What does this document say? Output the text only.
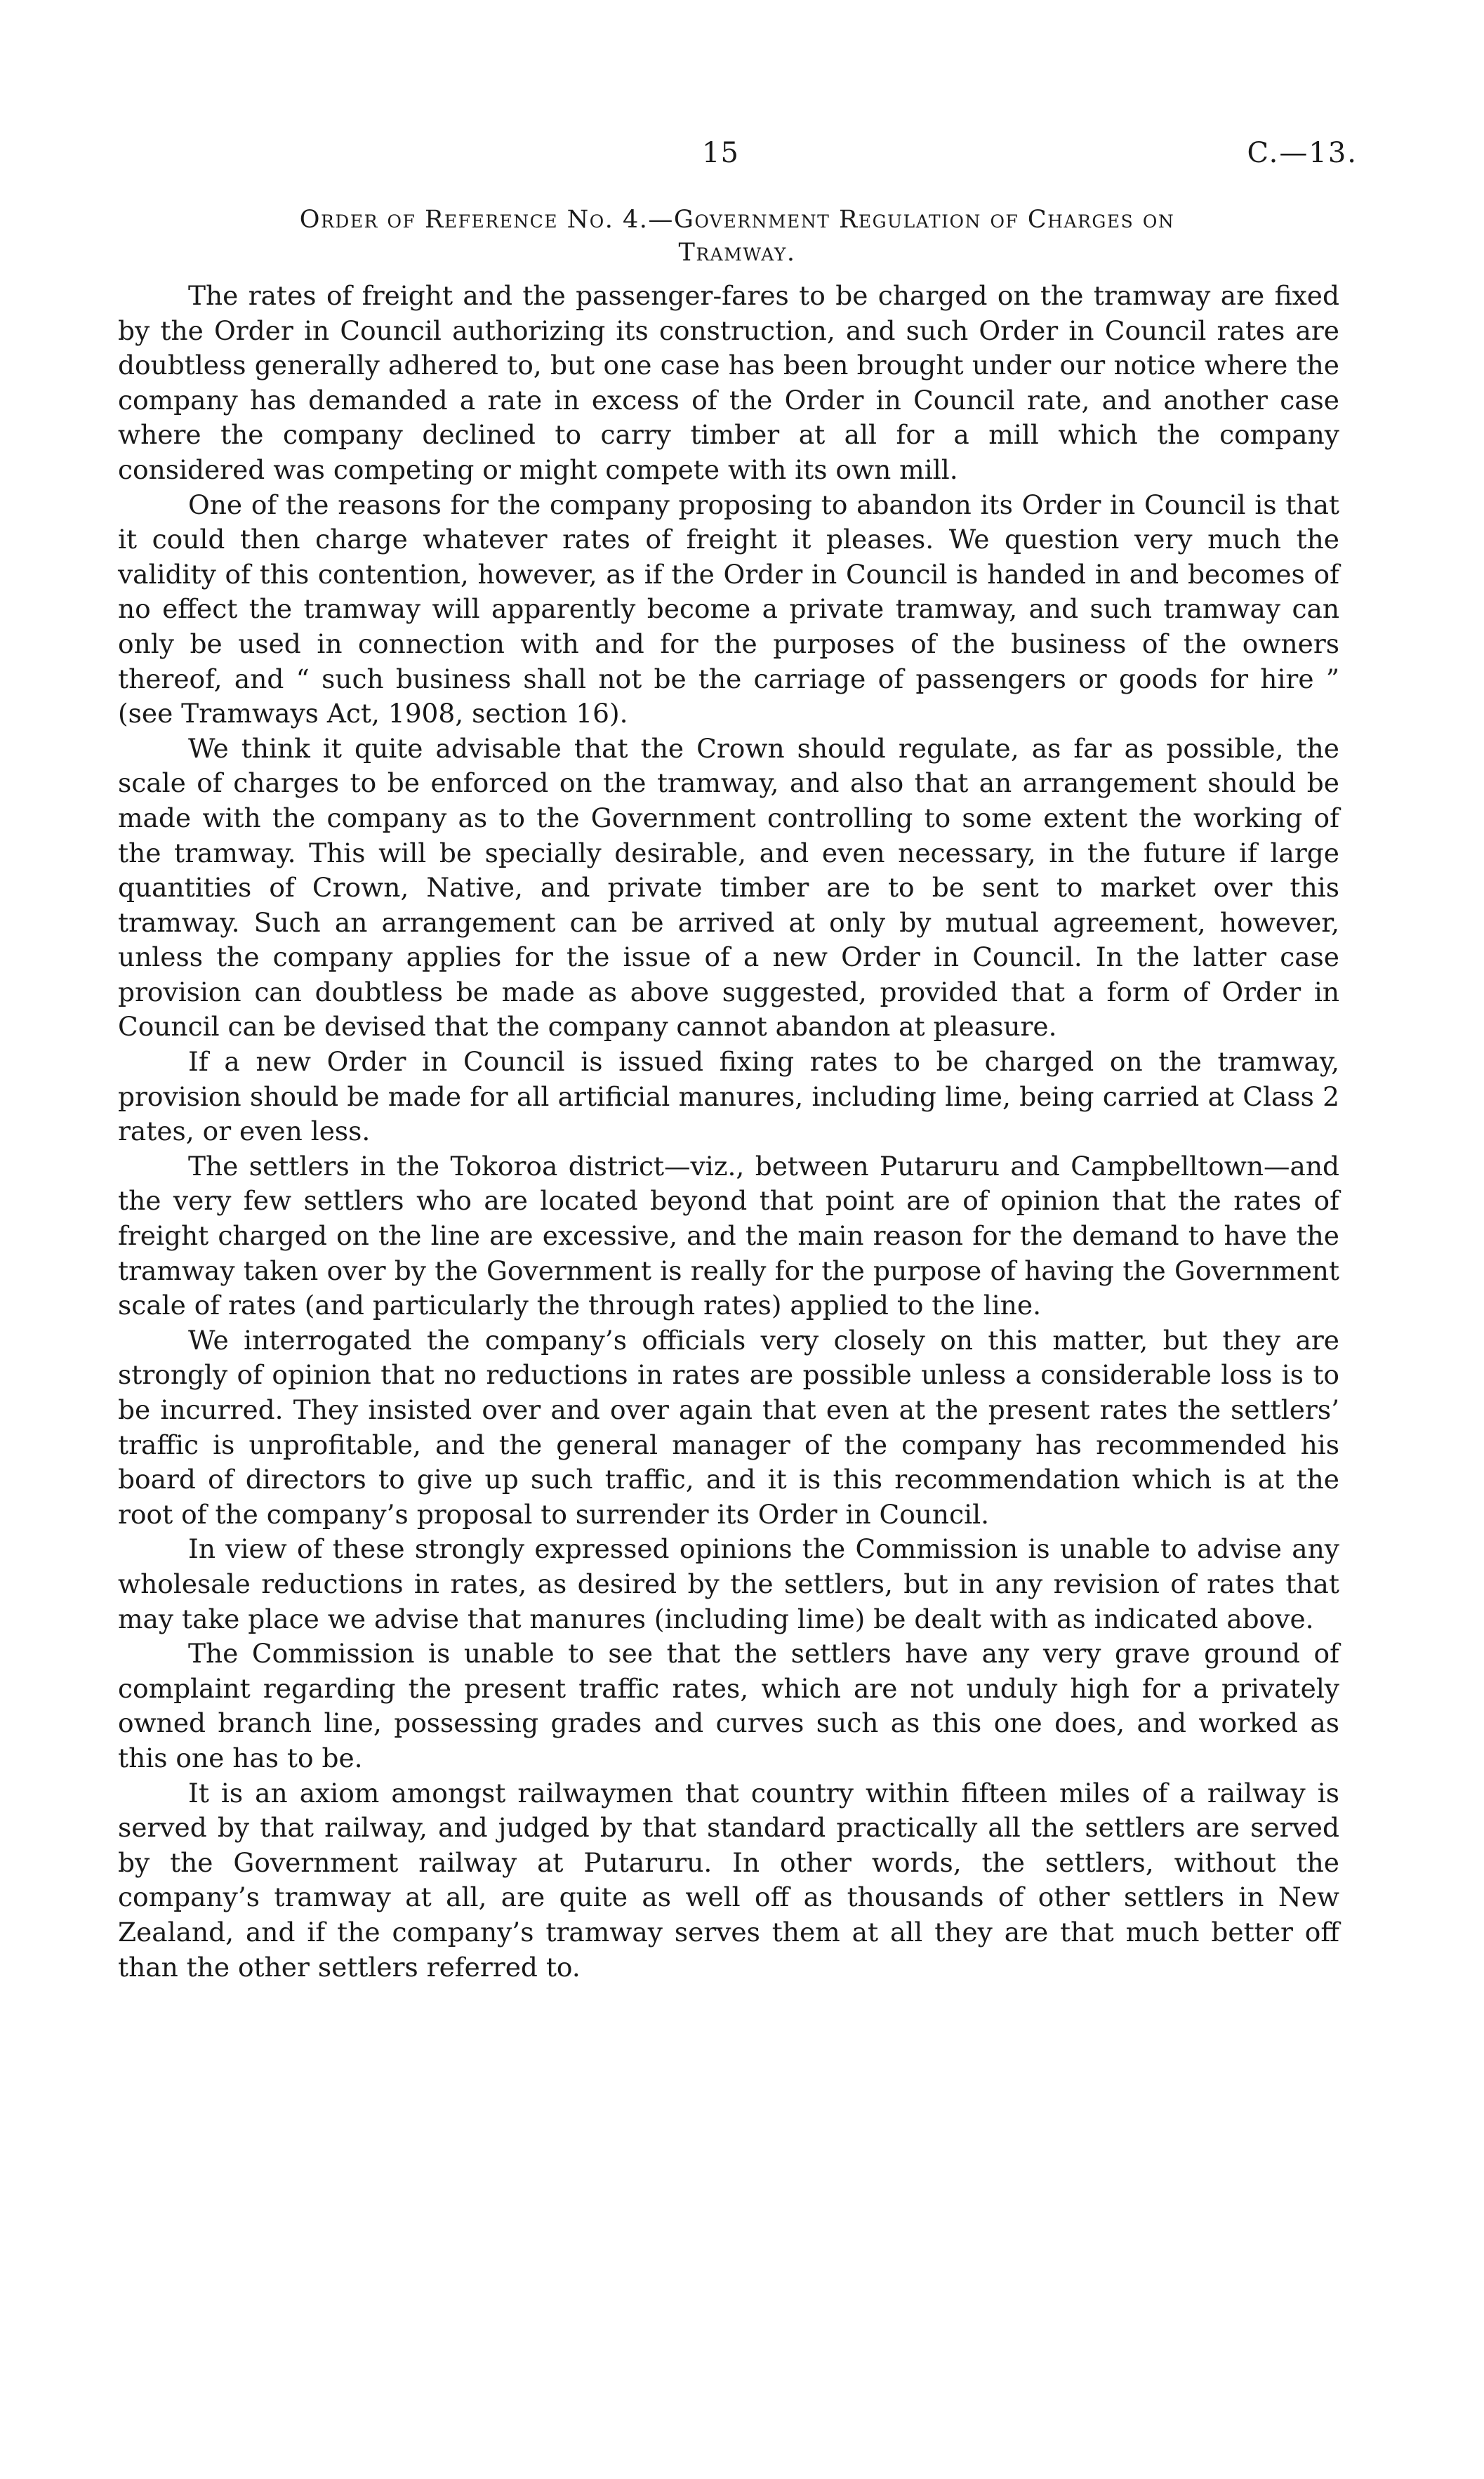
15	C.—13.
Order of Reference No. 4.—Government Regulation of Charges on
Tramway.

The rates of freight and the passenger-fares to be charged on the tramway are fixed by the Order in Council authorizing its construction, and such Order in Council rates are doubtless generally adhered to, but one case has been brought under our notice where the company has demanded a rate in excess of the Order in Council rate, and another case where the company declined to carry timber at all for a mill which the company considered was competing or might compete with its own mill.

One of the reasons for the company proposing to abandon its Order in Council is that it could then charge whatever rates of freight it pleases. We question very much the validity of this contention, however, as if the Order in Council is handed in and becomes of no effect the tramway will apparently become a private tramway, and such tramway can only be used in connection with and for the purposes of the business of the owners thereof, and “ such business shall not be the carriage of passengers or goods for hire ” (see Tramways Act, 1908, section 16).

We think it quite advisable that the Crown should regulate, as far as possible, the scale of charges to be enforced on the tramway, and also that an arrangement should be made with the company as to the Government controlling to some extent the working of the tramway. This will be specially desirable, and even necessary, in the future if large quantities of Crown, Native, and private timber are to be sent to market over this tramway. Such an arrangement can be arrived at only by mutual agreement, however, unless the company applies for the issue of a new Order in Council. In the latter case provision can doubtless be made as above suggested, provided that a form of Order in Council can be devised that the company cannot abandon at pleasure.

If a new Order in Council is issued fixing rates to be charged on the tramway, provision should be made for all artificial manures, including lime, being carried at Class 2 rates, or even less.

The settlers in the Tokoroa district—viz., between Putaruru and Campbelltown—and the very few settlers who are located beyond that point are of opinion that the rates of freight charged on the line are excessive, and the main reason for the demand to have the tramway taken over by the Government is really for the purpose of having the Government scale of rates (and particularly the through rates) applied to the line.

We interrogated the company’s officials very closely on this matter, but they are strongly of opinion that no reductions in rates are possible unless a considerable loss is to be incurred. They insisted over and over again that even at the present rates the settlers’ traffic is unprofitable, and the general manager of the company has recommended his board of directors to give up such traffic, and it is this recommendation which is at the root of the company’s proposal to surrender its Order in Council.

In view of these strongly expressed opinions the Commission is unable to advise any wholesale reductions in rates, as desired by the settlers, but in any revision of rates that may take place we advise that manures (including lime) be dealt with as indicated above.

The Commission is unable to see that the settlers have any very grave ground of complaint regarding the present traffic rates, which are not unduly high for a privately owned branch line, possessing grades and curves such as this one does, and worked as this one has to be.

It is an axiom amongst railwaymen that country within fifteen miles of a railway is served by that railway, and judged by that standard practically all the settlers are served by the Government railway at Putaruru. In other words, the settlers, without the company’s tramway at all, are quite as well off as thousands of other settlers in New Zealand, and if the company’s tramway serves them at all they are that much better off than the other settlers referred to.
